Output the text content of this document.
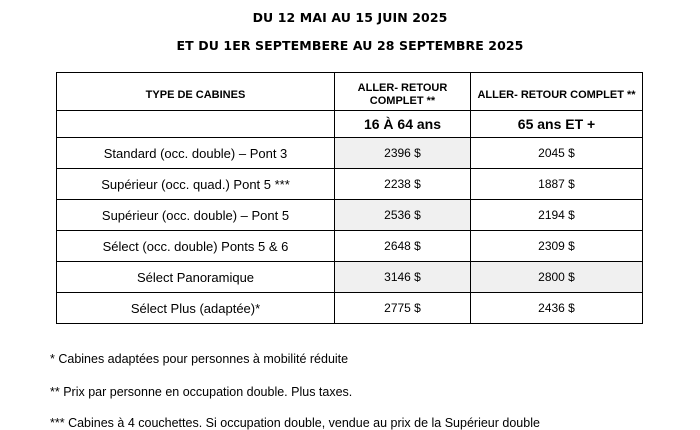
DU 12 MAI AU 15 JUIN 2025
ET DU 1ER SEPTEMBERE AU 28 SEPTEMBRE 2025
TYPE DE CABINES	ALLER- RETOUR COMPLET **	ALLER- RETOUR COMPLET **

	16 À 64 ans	65 ans ET +
Standard (occ. double) – Pont 3	2396 $	2045 $
Supérieur (occ. quad.) Pont 5 ***	2238 $	1887 $
Supérieur (occ. double) – Pont 5	2536 $	2194 $
Sélect (occ. double) Ponts 5 & 6	2648 $	2309 $
Sélect Panoramique	3146 $	2800 $
Sélect Plus (adaptée)*	2775 $	2436 $
* Cabines adaptées pour personnes à mobilité réduite
** Prix par personne en occupation double. Plus taxes.
*** Cabines à 4 couchettes. Si occupation double, vendue au prix de la Supérieur double
